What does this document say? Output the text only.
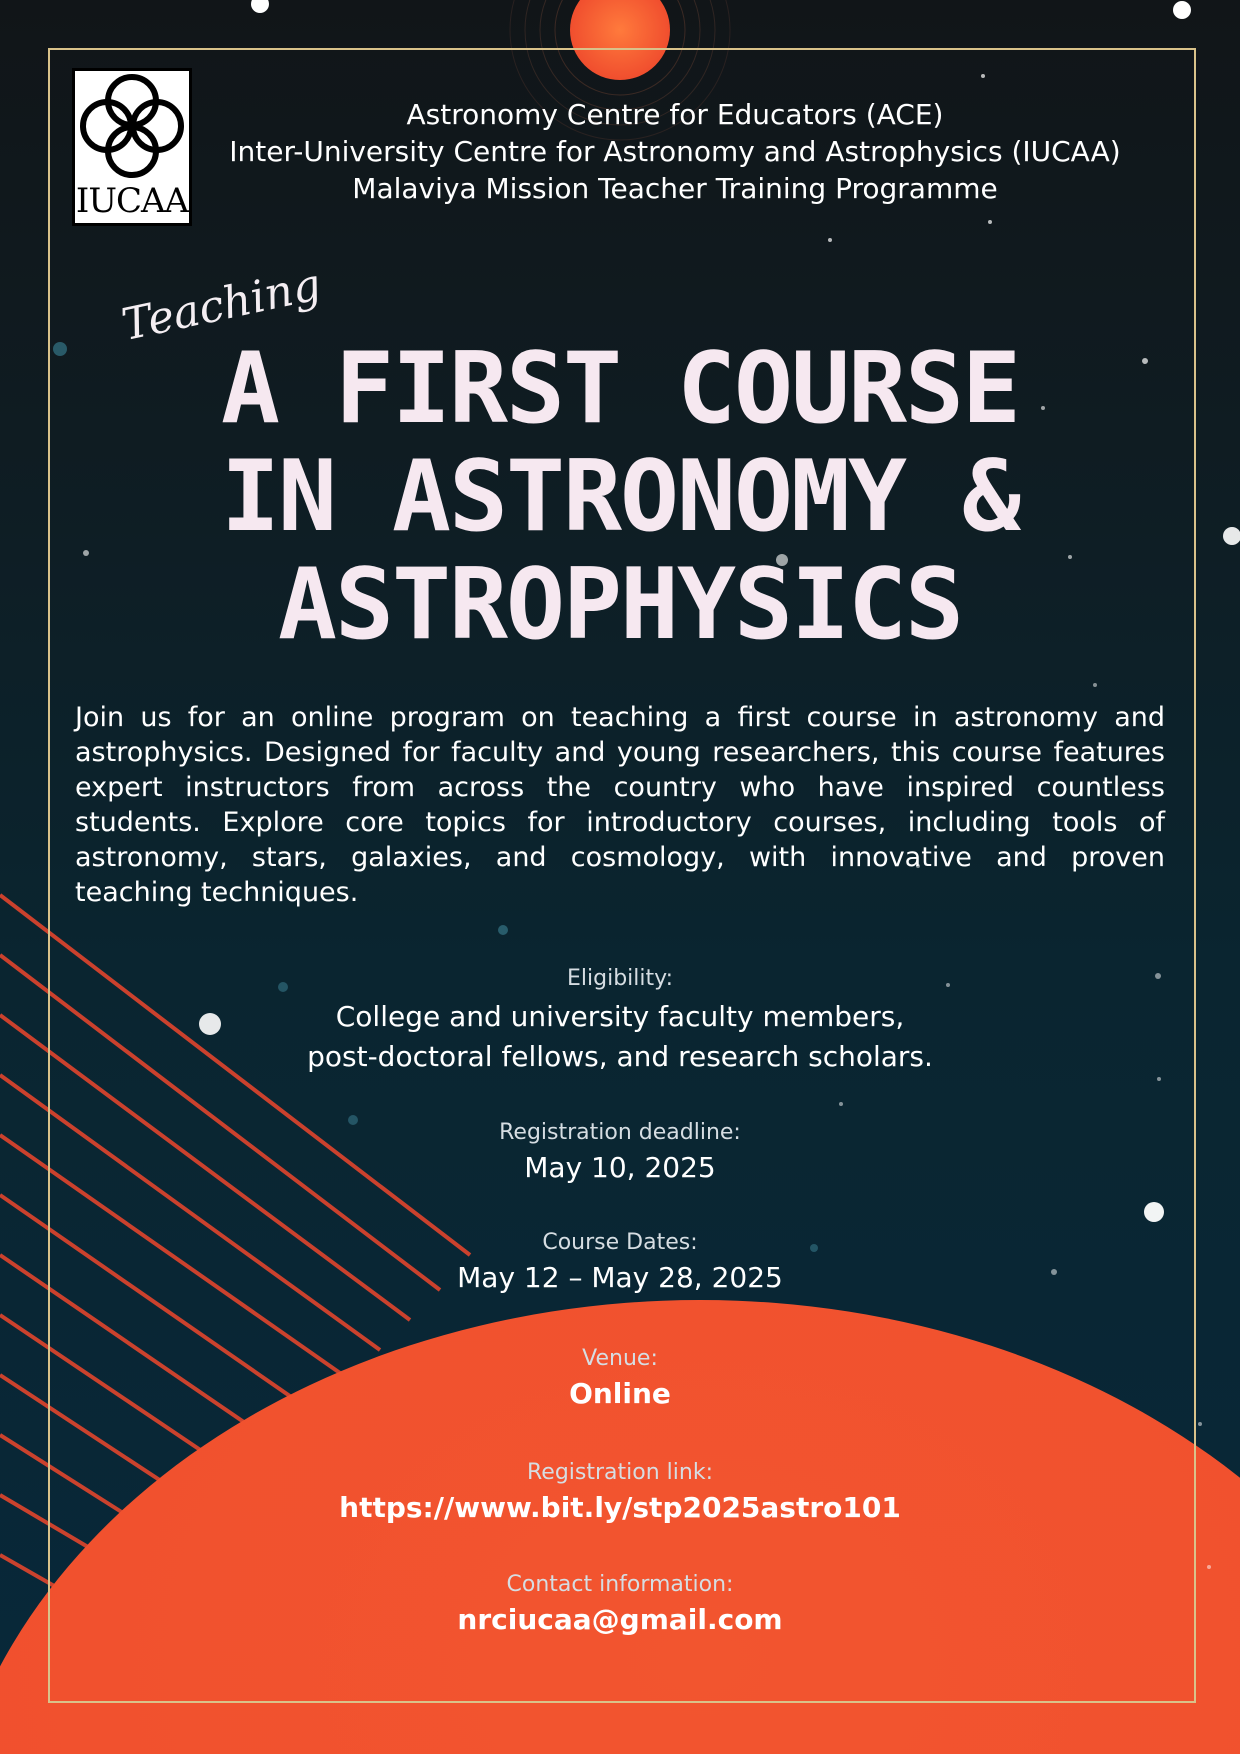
IUCAA
Astronomy Centre for Educators (ACE)
Inter-University Centre for Astronomy and Astrophysics (IUCAA)
Malaviya Mission Teacher Training Programme
Teaching
A FIRST COURSE
IN ASTRONOMY &
ASTROPHYSICS
Join us for an online program on teaching a first course in astronomy and astrophysics. Designed for faculty and young researchers, this course features expert instructors from across the country who have inspired countless students. Explore core topics for introductory courses, including tools of astronomy, stars, galaxies, and cosmology, with innovative and proven teaching techniques.
Eligibility:
College and university faculty members,
post-doctoral fellows, and research scholars.
Registration deadline:
May 10, 2025
Course Dates:
May 12 – May 28, 2025
Venue:
Online
Registration link:
https://www.bit.ly/stp2025astro101
Contact information:
nrciucaa@gmail.com
